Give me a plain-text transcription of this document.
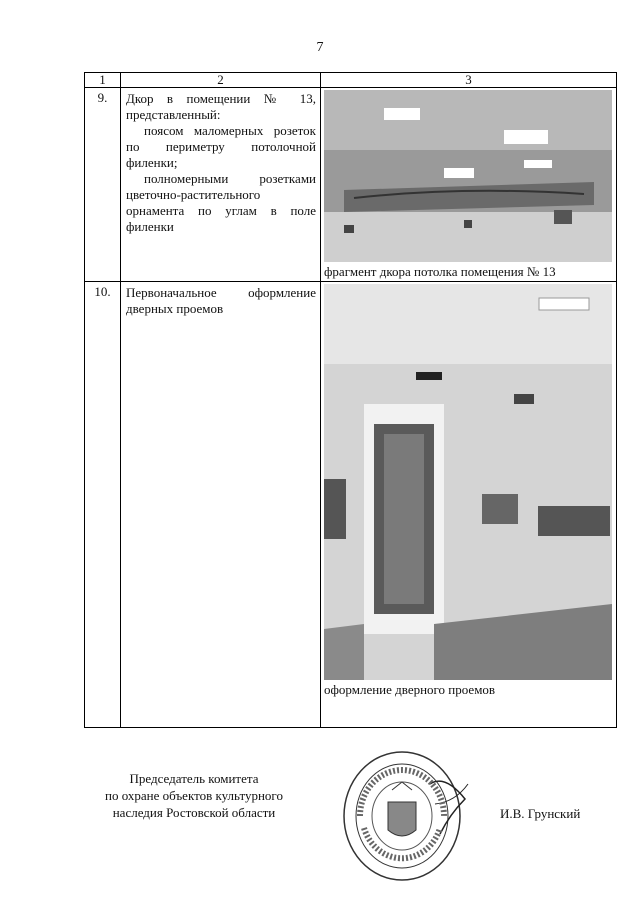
7
1	2	3
9.	Дкор в помещении № 13, представленный:

поясом маломерных розеток по периметру потолочной филенки;

полномерными розетками цветочно-растительного орнамента по углам в поле филенки	фрагмент дкора потолка помещения № 13

10.	Первоначальное оформление дверных проемов	оформление дверного проемов
Председатель комитета
по охране объектов культурного
наследия Ростовской области	И.В. Грунский
